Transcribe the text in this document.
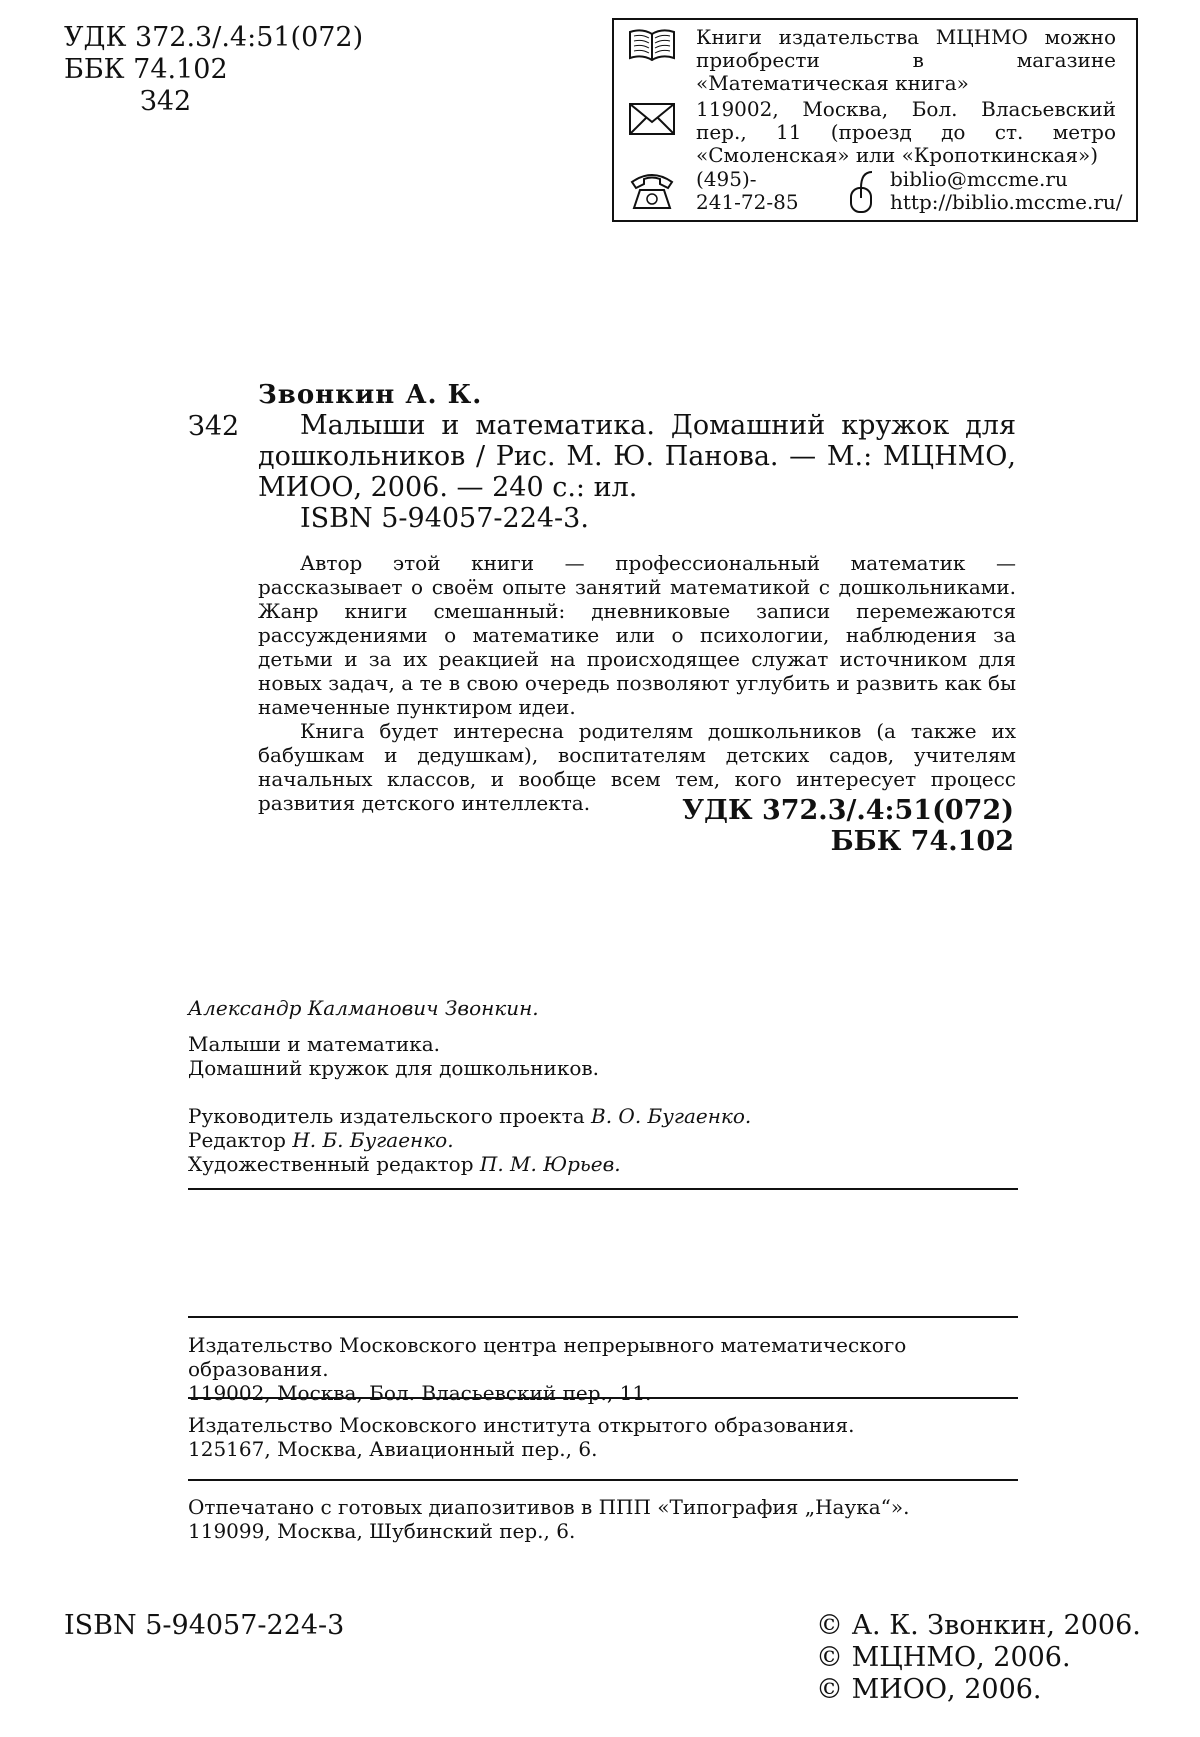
УДК 372.3/.4:51(072)
ББК 74.102
З42
Книги издательства МЦНМО можно приобрести в магазине «Математическая книга»
119002, Москва, Бол. Власьевский пер., 11 (проезд до ст. метро «Смоленская» или «Кропоткинская»)
(495)-
241-72-85
biblio@mccme.ru
http://biblio.mccme.ru/
Звонкин А. К.
З42	Малыши и математика. Домашний кружок для дошкольников / Рис. М. Ю. Панова. — М.: МЦНМО, МИОО, 2006. — 240 с.: ил.

ISBN 5-94057-224-3.

Автор этой книги — профессиональный математик — рассказывает о своём опыте занятий математикой с дошкольниками. Жанр книги смешанный: дневниковые записи перемежаются рассуждениями о математике или о психологии, наблюдения за детьми и за их реакцией на происходящее служат источником для новых задач, а те в свою очередь позволяют углубить и развить как бы намеченные пунктиром идеи.

Книга будет интересна родителям дошкольников (а также их бабушкам и дедушкам), воспитателям детских садов, учителям начальных классов, и вообще всем тем, кого интересует процесс развития детского интеллекта.	УДК 372.3/.4:51(072)
ББК 74.102
Александр Калманович Звонкин.
Малыши и математика.
Домашний кружок для дошкольников.
Руководитель издательского проекта В. О. Бугаенко.
Редактор Н. Б. Бугаенко.
Художественный редактор П. М. Юрьев.
Издательство Московского центра непрерывного математического образования.
119002, Москва, Бол. Власьевский пер., 11.
Издательство Московского института открытого образования.
125167, Москва, Авиационный пер., 6.
Отпечатано с готовых диапозитивов в ППП «Типография „Наука“».
119099, Москва, Шубинский пер., 6.
ISBN 5-94057-224-3	© А. К. Звонкин, 2006.
© МЦНМО, 2006.
© МИОО, 2006.
